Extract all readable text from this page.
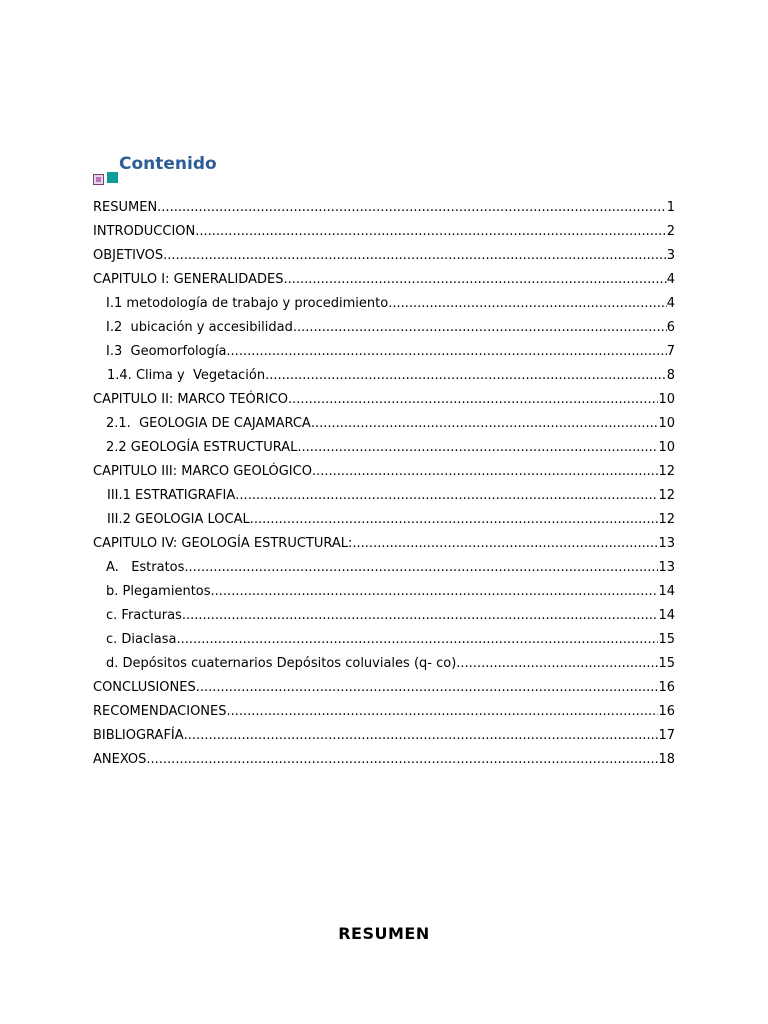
Contenido
RESUMEN .....	1
INTRODUCCION .....	2
OBJETIVOS .....	3
CAPITULO I: GENERALIDADES .....	4
I.1 metodología de trabajo y procedimiento .....	4
I.2  ubicación y accesibilidad .....	6
I.3  Geomorfología .....	7
1.4. Clima y  Vegetación .....	8
CAPITULO II: MARCO TEÓRICO .....	10
2.1.  GEOLOGIA DE CAJAMARCA .....	10
2.2 GEOLOGÍA ESTRUCTURAL .....	10
CAPITULO III: MARCO GEOLÓGICO .....	12
III.1 ESTRATIGRAFIA .....	12
III.2 GEOLOGIA LOCAL .....	12
CAPITULO IV: GEOLOGÍA ESTRUCTURAL: .....	13
A.   Estratos .....	13
b. Plegamientos .....	14
c. Fracturas .....	14
c. Diaclasa .....	15
d. Depósitos cuaternarios Depósitos coluviales (q- co) .....	15
CONCLUSIONES .....	16
RECOMENDACIONES .....	16
BIBLIOGRAFÍA .....	17
ANEXOS .....	18
RESUMEN
